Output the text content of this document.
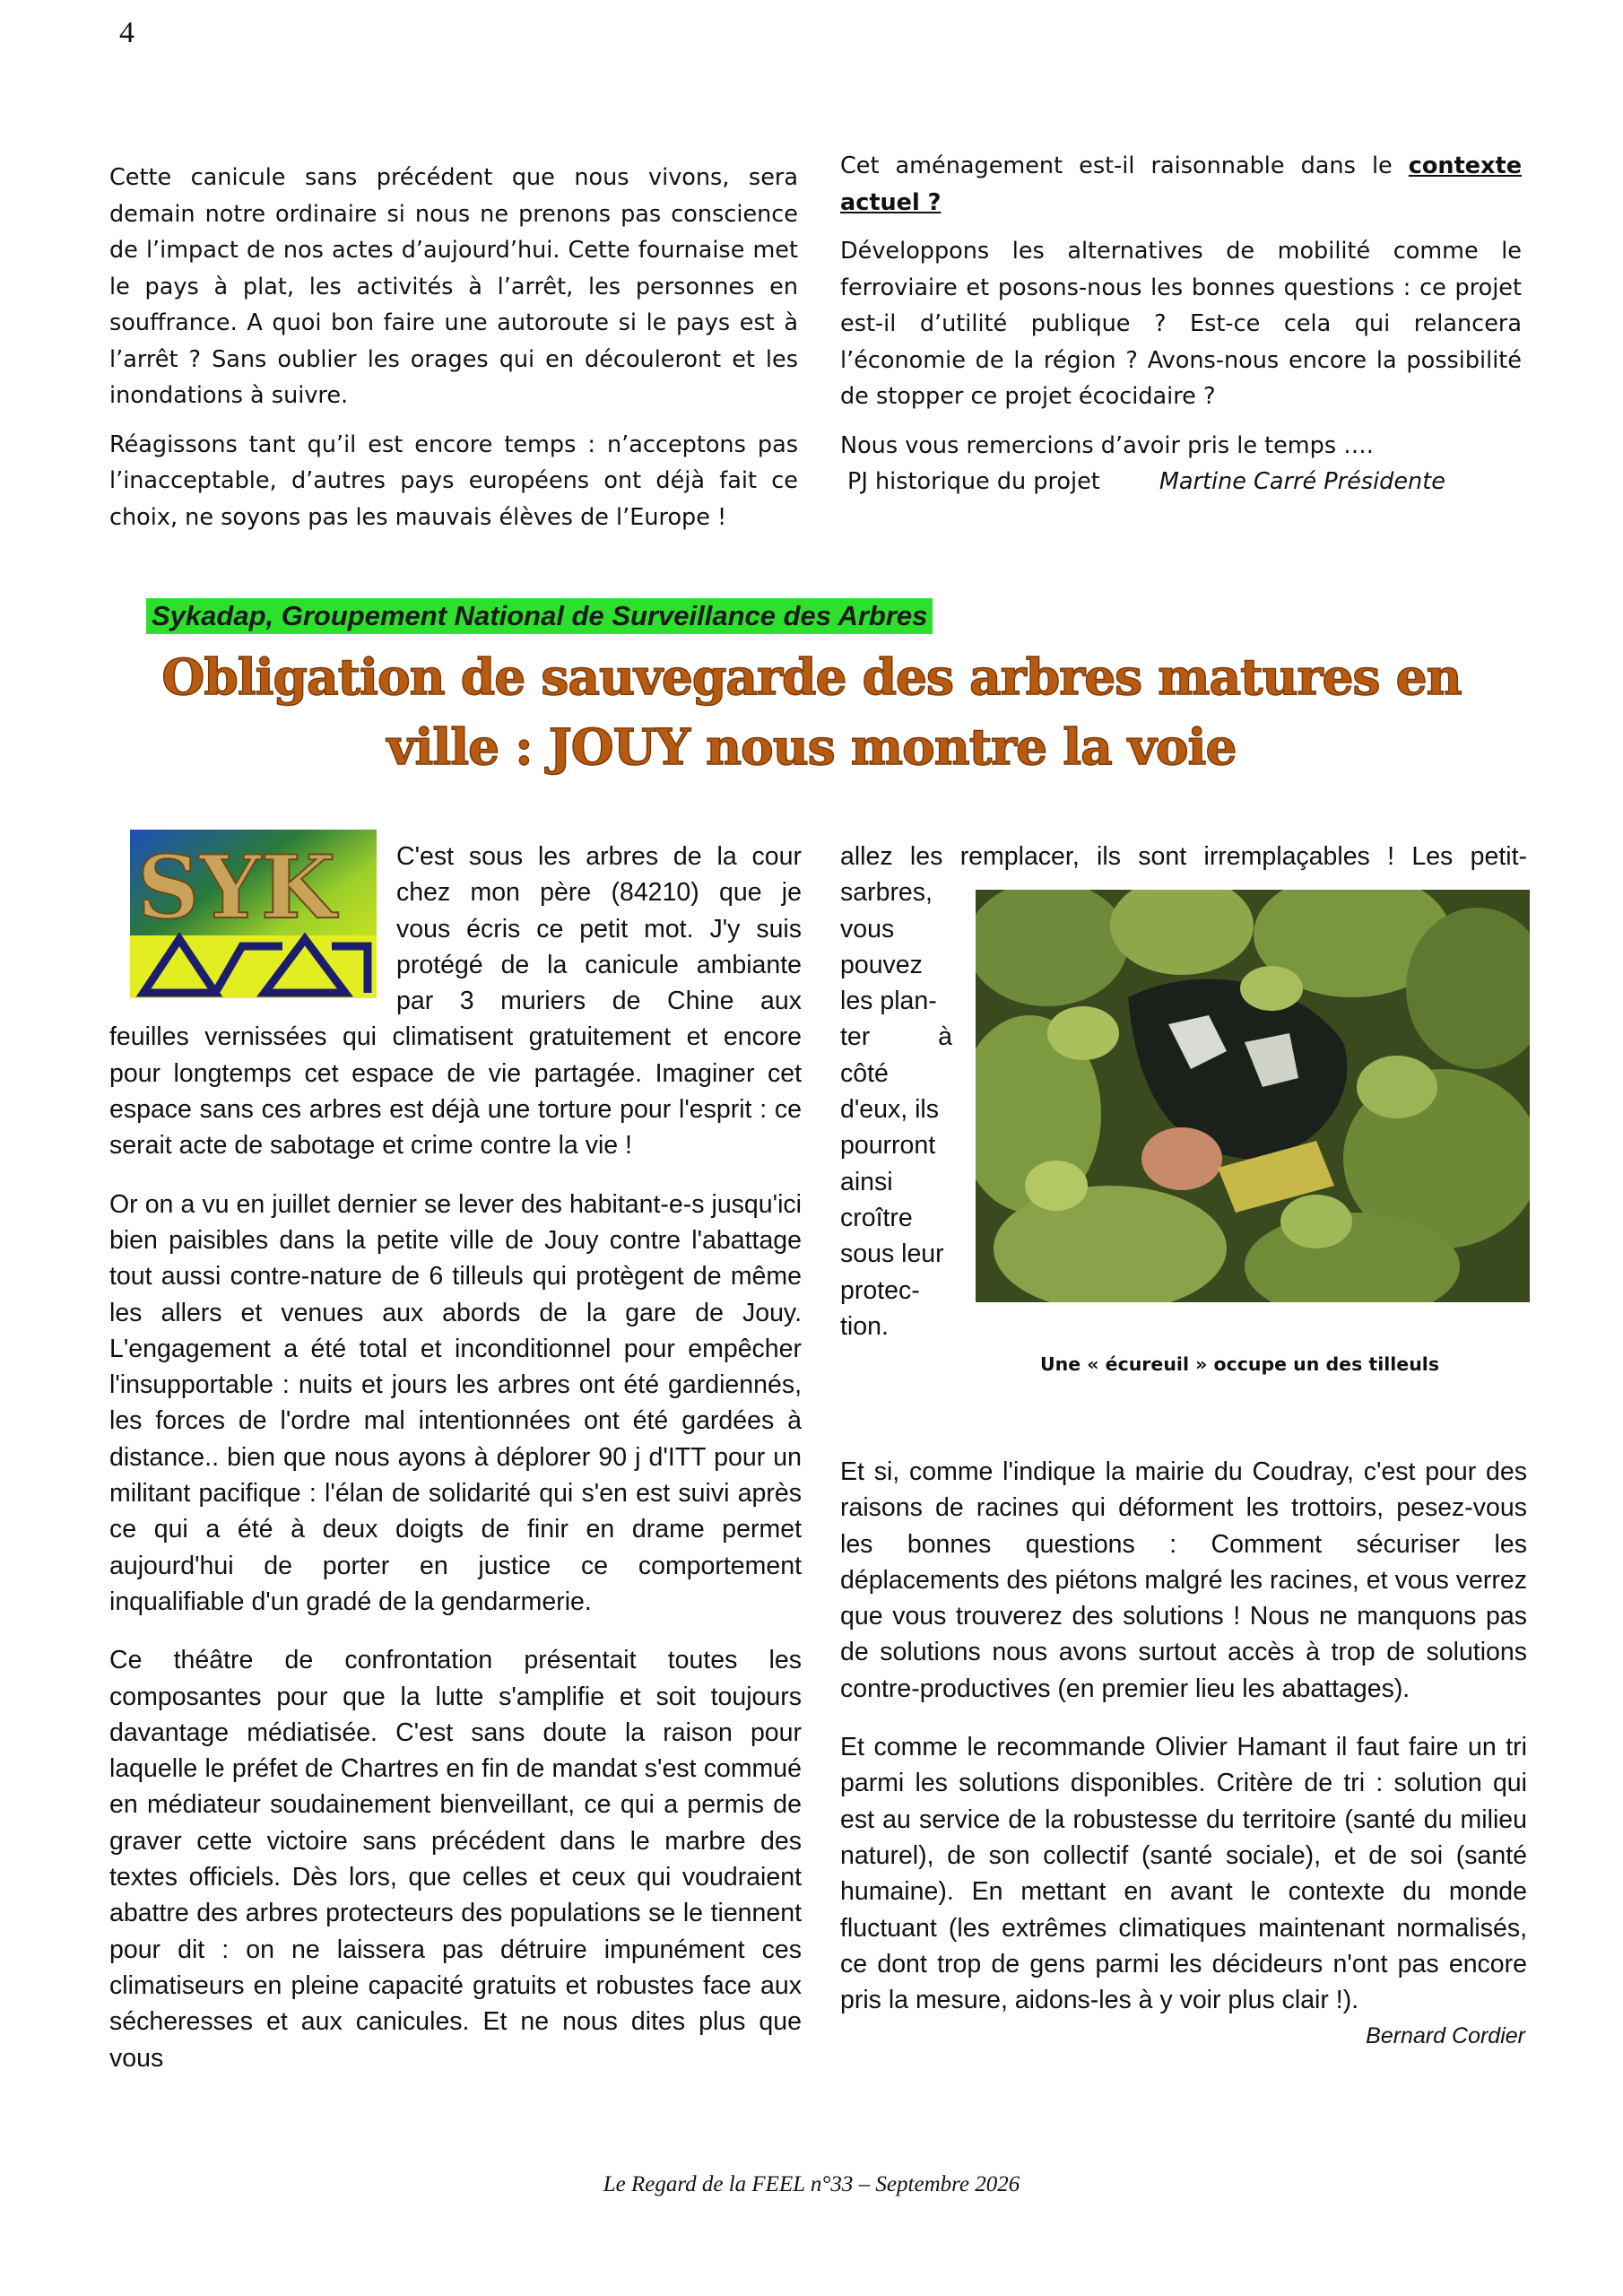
4

Cette canicule sans précédent que nous vivons, sera demain notre ordinaire si nous ne prenons pas conscience de l’impact de nos actes d’aujourd’hui. Cette fournaise met le pays à plat, les activités à l’arrêt, les personnes en souffrance. A quoi bon faire une autoroute si le pays est à l’arrêt ? Sans oublier les orages qui en découleront et les inondations à suivre.

Réagissons tant qu’il est encore temps : n’acceptons pas l’inacceptable, d’autres pays européens ont déjà fait ce choix, ne soyons pas les mauvais élèves de l’Europe !

Cet aménagement est-il raisonnable dans le contexte actuel ?

Développons les alternatives de mobilité comme le ferroviaire et posons-nous les bonnes questions : ce projet est-il d’utilité publique ? Est-ce cela qui relancera l’économie de la région ? Avons-nous encore la possibilité de stopper ce projet écocidaire ?

Nous vous remercions d’avoir pris le temps ….

PJ historique du projet	Martine Carré Présidente

Sykadap, Groupement National de Surveillance des Arbres
Obligation de sauvegarde des arbres matures en
ville : JOUY nous montre la voie
SYK C'est sous les arbres de la cour
chez mon père (84210) que je
vous écris ce petit mot. J'y suis
protégé de la canicule ambiante
par 3 muriers de Chine aux

feuilles vernissées qui climatisent gratuitement et encore pour longtemps cet espace de vie partagée. Imaginer cet espace sans ces arbres est déjà une torture pour l'esprit : ce serait acte de sabotage et crime contre la vie !

Or on a vu en juillet dernier se lever des habitant-e-s jusqu'ici bien paisibles dans la petite ville de Jouy contre l'abattage tout aussi contre-nature de 6 tilleuls qui protègent de même les allers et venues aux abords de la gare de Jouy. L'engagement a été total et inconditionnel pour empêcher l'insupportable : nuits et jours les arbres ont été gardiennés, les forces de l'ordre mal intentionnées ont été gardées à distance.. bien que nous ayons à déplorer 90 j d'ITT pour un militant pacifique : l'élan de solidarité qui s'en est suivi après ce qui a été à deux doigts de finir en drame permet aujourd'hui de porter en justice ce comportement inqualifiable d'un gradé de la gendarmerie.

Ce théâtre de confrontation présentait toutes les composantes pour que la lutte s'amplifie et soit toujours davantage médiatisée. C'est sans doute la raison pour laquelle le préfet de Chartres en fin de mandat s'est commué en médiateur soudainement bienveillant, ce qui a permis de graver cette victoire sans précédent dans le marbre des textes officiels. Dès lors, que celles et ceux qui voudraient abattre des arbres protecteurs des populations se le tiennent pour dit : on ne laissera pas détruire impunément ces climatiseurs en pleine capacité gratuits et robustes face aux sécheresses et aux canicules. Et ne nous dites plus que vous

allez les remplacer, ils sont irremplaçables ! Les petit-
sarbres,
vous
pouvez
les plan-
ter à
côté
d'eux, ils
pourront
ainsi
croître
sous leur
protec-
tion.
Une « écureuil » occupe un des tilleuls

Et si, comme l'indique la mairie du Coudray, c'est pour des raisons de racines qui déforment les trottoirs, pesez-vous les bonnes questions : Comment sécuriser les déplacements des piétons malgré les racines, et vous verrez que vous trouverez des solutions ! Nous ne manquons pas de solutions nous avons surtout accès à trop de solutions contre-productives (en premier lieu les abattages).

Et comme le recommande Olivier Hamant il faut faire un tri parmi les solutions disponibles. Critère de tri : solution qui est au service de la robustesse du territoire (santé du milieu naturel), de son collectif (santé sociale), et de soi (santé humaine). En mettant en avant le contexte du monde fluctuant (les extrêmes climatiques maintenant normalisés, ce dont trop de gens parmi les décideurs n'ont pas encore pris la mesure, aidons-les à y voir plus clair !).

Bernard Cordier
Le Regard de la FEEL n°33 – Septembre 2026
